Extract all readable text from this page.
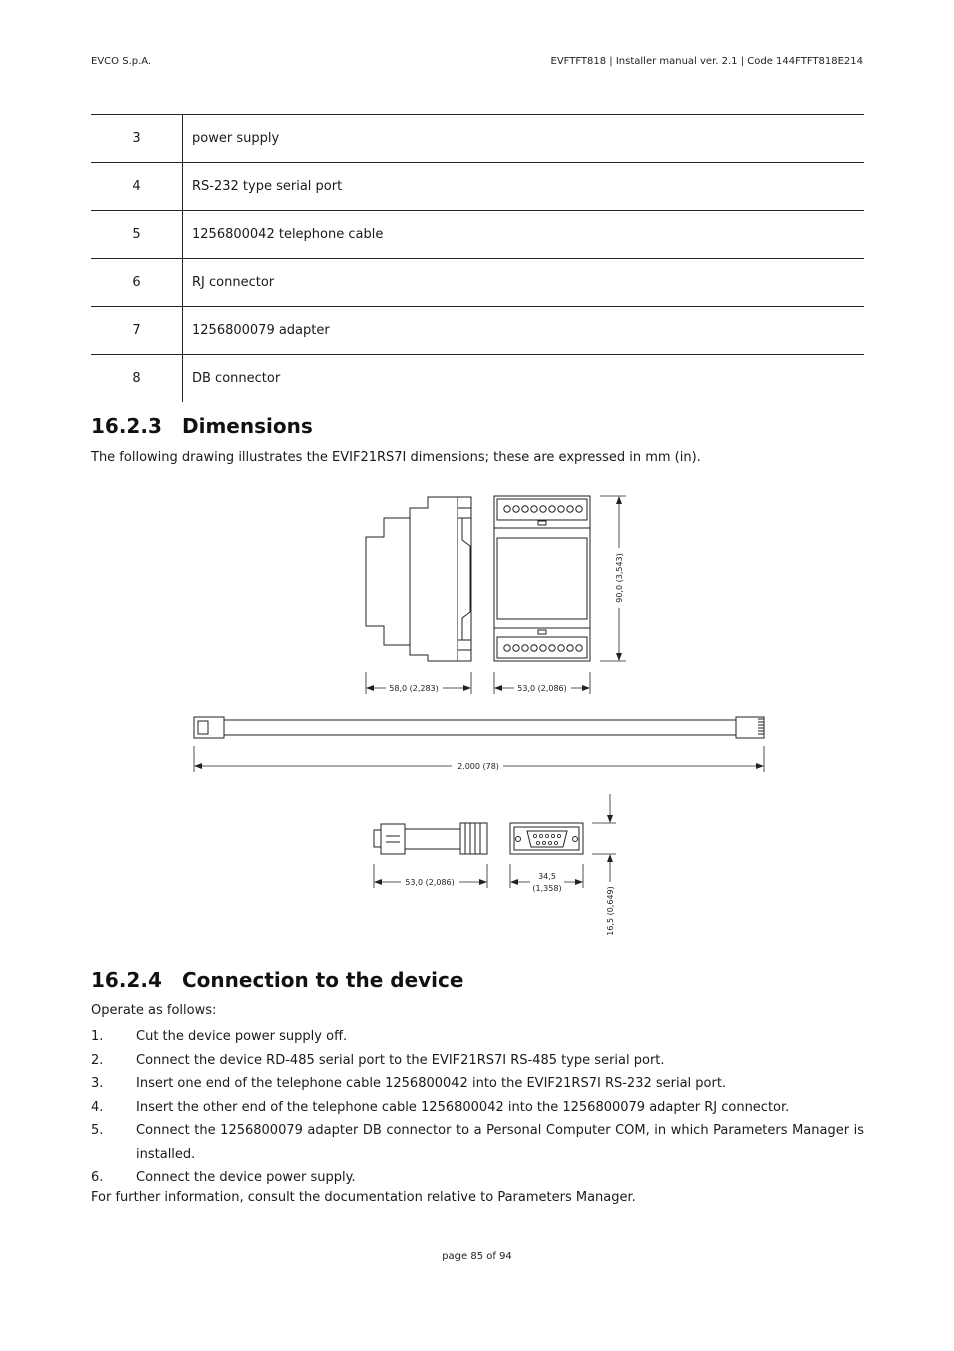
EVCO S.p.A.	EVFTFT818 | Installer manual ver. 2.1 | Code 144FTFT818E214
3	power supply
4	RS-232 type serial port
5	1256800042 telephone cable
6	RJ connector
7	1256800079 adapter
8	DB connector
16.2.3 Dimensions
The following drawing illustrates the EVIF21RS7I dimensions; these are expressed in mm (in).
58,0 (2,283)	53,0 (2,086)
90,0 (3,543)
2.000 (78)
53,0 (2,086)
34,5
(1,358)	16,5 (0,649)
16.2.4 Connection to the device
Operate as follows:
1.	Cut the device power supply off.
2.	Connect the device RD-485 serial port to the EVIF21RS7I RS-485 type serial port.
3.	Insert one end of the telephone cable 1256800042 into the EVIF21RS7I RS-232 serial port.
4.	Insert the other end of the telephone cable 1256800042 into the 1256800079 adapter RJ connector.
5.	Connect the 1256800079 adapter DB connector to a Personal Computer COM, in which Parameters Manager is installed.
6.	Connect the device power supply.
For further information, consult the documentation relative to Parameters Manager.
page 85 of 94
